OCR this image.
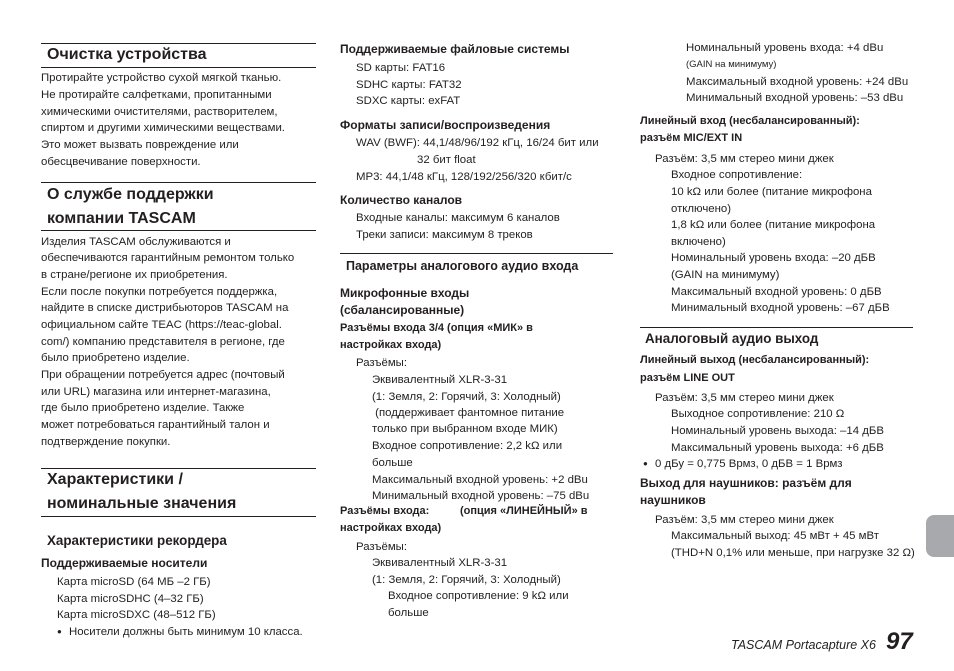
Очистка устройства
Протирайте устройство сухой мягкой тканью.
Не протирайте салфетками, пропитанными
химическими очистителями, растворителем,
спиртом и другими химическими веществами.
Это может вызвать повреждение или
обесцвечивание поверхности.
О службе поддержки
компании TASCAM
Изделия TASCAM обслуживаются и
обеспечиваются гарантийным ремонтом только
в стране/регионе их приобретения.
Если после покупки потребуется поддержка,
найдите в списке дистрибьюторов TASCAM на
официальном сайте TEAC (https://teac-global.
com/) компанию представителя в регионе, где
было приобретено изделие.
При обращении потребуется адрес (почтовый
или URL) магазина или интернет-магазина,
где было приобретено изделие. Также
может потребоваться гарантийный талон и
подтверждение покупки.
Характеристики /
номинальные значения
Характеристики рекордера
Поддерживаемые носители
Карта microSD (64 МБ –2 ГБ)
Карта microSDHC (4–32 ГБ)
Карта microSDXC (48–512 ГБ)
● Носители должны быть минимум 10 класса.
Поддерживаемые файловые системы
SD карты: FAT16
SDHC карты: FAT32
SDXC карты: exFAT
Форматы записи/воспроизведения
WAV (BWF): 44,1/48/96/192 кГц, 16/24 бит или
32 бит float
MP3: 44,1/48 кГц, 128/192/256/320 кбит/с
Количество каналов
Входные каналы: максимум 6 каналов
Треки записи: максимум 8 треков
Параметры аналогового аудио входа
Микрофонные входы
(сбалансированные)
Разъёмы входа 3/4 (опция «МИК» в
настройках входа)
Разъёмы:
Эквивалентный XLR-3-31
(1: Земля, 2: Горячий, 3: Холодный)
(поддерживает фантомное питание
только при выбранном входе МИК)
Входное сопротивление: 2,2 kΩ или
больше
Максимальный входной уровень: +2 dBu
Минимальный входной уровень: –75 dBu
Разъёмы входа:	(опция «ЛИНЕЙНЫЙ» в
настройках входа)
Разъёмы:
Эквивалентный XLR-3-31
(1: Земля, 2: Горячий, 3: Холодный)
Входное сопротивление: 9 kΩ или
больше
Номинальный уровень входа: +4 dBu
(GAIN на минимуму)
Максимальный входной уровень: +24 dBu
Минимальный входной уровень: –53 dBu
Линейный вход (несбалансированный):
разъём MIC/EXT IN
Разъём: 3,5 мм стерео мини джек
Входное сопротивление:
10 kΩ или более (питание микрофона
отключено)
1,8 kΩ или более (питание микрофона
включено)
Номинальный уровень входа: –20 дБВ
(GAIN на минимуму)
Максимальный входной уровень: 0 дБВ
Минимальный входной уровень: –67 дБВ
Аналоговый аудио выход
Линейный выход (несбалансированный):
разъём LINE OUT
Разъём: 3,5 мм стерео мини джек
Выходное сопротивление: 210 Ω
Номинальный уровень выхода: –14 дБВ
Максимальный уровень выхода: +6 дБВ
● 0 дБу = 0,775 Врмз, 0 дБВ = 1 Врмз
Выход для наушников: разъём для
наушников
Разъём: 3,5 мм стерео мини джек
Максимальный выход: 45 мВт + 45 мВт
(THD+N 0,1% или меньше, при нагрузке 32 Ω)
TASCAM Portacapture X6 97
